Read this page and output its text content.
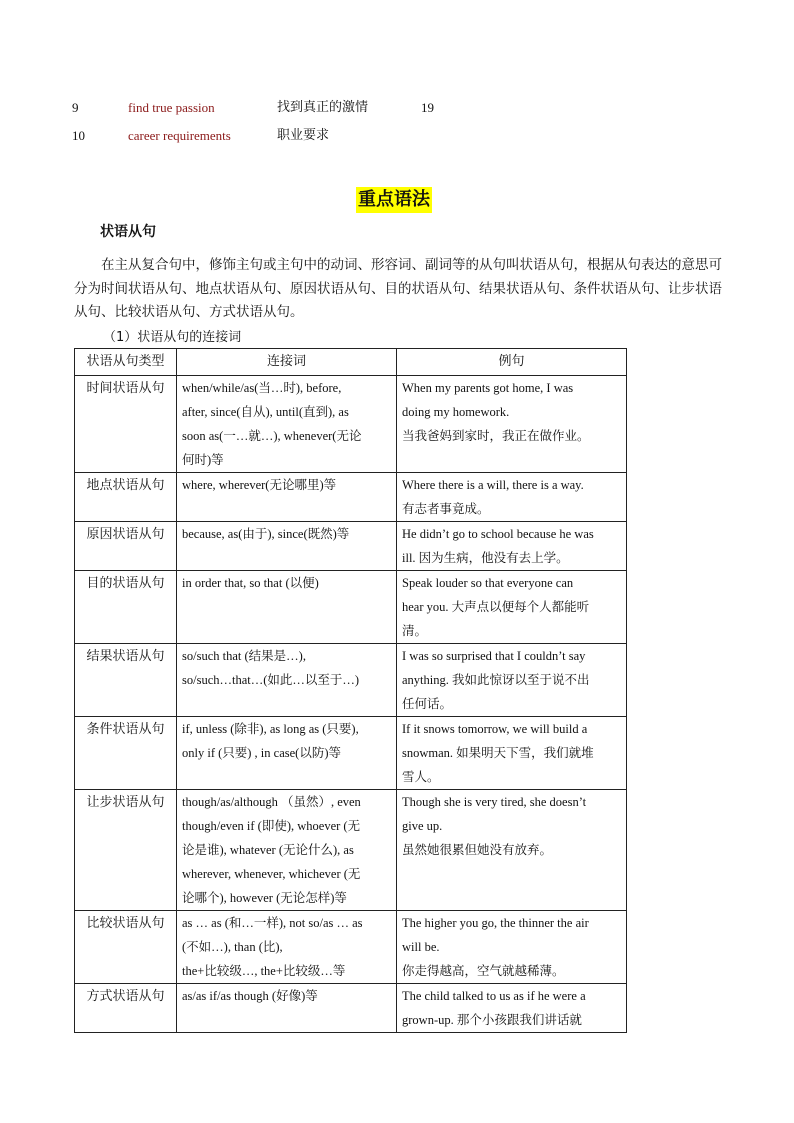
9	find true passion	找到真正的激情	19
10	career requirements	职业要求
重点语法
状语从句
在主从复合句中，修饰主句或主句中的动词、形容词、副词等的从句叫状语从句，根据从句表达的意思可分为时间状语从句、地点状语从句、原因状语从句、目的状语从句、结果状语从句、条件状语从句、让步状语从句、比较状语从句、方式状语从句。
（1）状语从句的连接词
状语从句类型	连接词	例句
时间状语从句	when/while/as(当…时), before,
after, since(自从), until(直到), as
soon as(一…就…), whenever(无论
何时)等	When my parents got home, I was
doing my homework.
当我爸妈到家时，我正在做作业。

地点状语从句	where, wherever(无论哪里)等	Where there is a will, there is a way.
有志者事竟成。

原因状语从句	because, as(由于), since(既然)等	He didn’t go to school because he was
ill. 因为生病，他没有去上学。

目的状语从句	in order that, so that (以便)	Speak louder so that everyone can
hear you. 大声点以便每个人都能听
清。

结果状语从句	so/such that (结果是…),
so/such…that…(如此…以至于…)	I was so surprised that I couldn’t say
anything. 我如此惊讶以至于说不出
任何话。

条件状语从句	if, unless (除非), as long as (只要),
only if (只要) , in case(以防)等	If it snows tomorrow, we will build a
snowman. 如果明天下雪，我们就堆
雪人。

让步状语从句	though/as/although （虽然）, even
though/even if (即使), whoever (无
论是谁), whatever (无论什么), as
wherever, whenever, whichever (无
论哪个), however (无论怎样)等	Though she is very tired, she doesn’t
give up.
虽然她很累但她没有放弃。

比较状语从句	as … as (和…一样), not so/as … as
(不如…), than (比),
the+比较级…, the+比较级…等	The higher you go, the thinner the air
will be.
你走得越高，空气就越稀薄。

方式状语从句	as/as if/as though (好像)等	The child talked to us as if he were a
grown-up. 那个小孩跟我们讲话就
